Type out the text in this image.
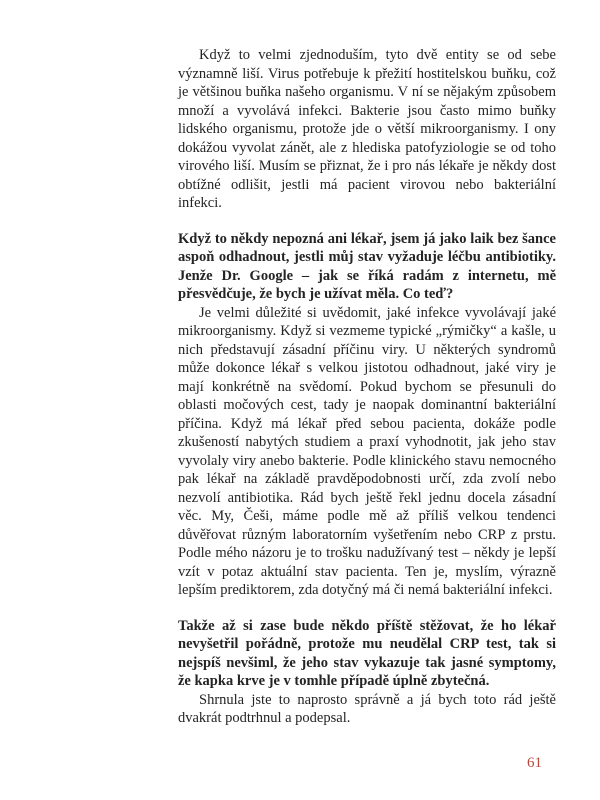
Když to velmi zjednoduším, tyto dvě entity se od sebe významně liší. Virus potřebuje k přežití hostitelskou buňku, což je většinou buňka našeho organismu. V ní se nějakým způsobem množí a vyvolává infekci. Bakterie jsou často mimo buňky lidského organismu, protože jde o větší mikroorganismy. I ony dokážou vyvolat zánět, ale z hlediska patofyziologie se od toho virového liší. Musím se přiznat, že i pro nás lékaře je někdy dost obtížné odlišit, jestli má pacient virovou nebo bakteriální infekci.

Když to někdy nepozná ani lékař, jsem já jako laik bez šance aspoň odhadnout, jestli můj stav vyžaduje léčbu antibiotiky. Jenže Dr. Google – jak se říká radám z internetu, mě přesvědčuje, že bych je užívat měla. Co teď?

Je velmi důležité si uvědomit, jaké infekce vyvolávají jaké mikroorganismy. Když si vezmeme typické „rýmičky“ a kašle, u nich představují zásadní příčinu viry. U některých syndromů může dokonce lékař s velkou jistotou odhadnout, jaké viry je mají konkrétně na svědomí. Pokud bychom se přesunuli do oblasti močových cest, tady je naopak dominantní bakteriální příčina. Když má lékař před sebou pacienta, dokáže podle zkušeností nabytých studiem a praxí vyhodnotit, jak jeho stav vyvolaly viry anebo bakterie. Podle klinického stavu nemocného pak lékař na základě pravděpodobnosti určí, zda zvolí nebo nezvolí antibiotika. Rád bych ještě řekl jednu docela zásadní věc. My, Češi, máme podle mě až příliš velkou tendenci důvěřovat různým laboratorním vyšetřením nebo CRP z prstu. Podle mého názoru je to trošku nadužívaný test – někdy je lepší vzít v potaz aktuální stav pacienta. Ten je, myslím, výrazně lepším prediktorem, zda dotyčný má či nemá bakteriální infekci.

Takže až si zase bude někdo příště stěžovat, že ho lékař nevyšetřil pořádně, protože mu neudělal CRP test, tak si nejspíš nevšiml, že jeho stav vykazuje tak jasné symptomy, že kapka krve je v tomhle případě úplně zbytečná.

Shrnula jste to naprosto správně a já bych toto rád ještě dvakrát podtrhnul a podepsal.

61
